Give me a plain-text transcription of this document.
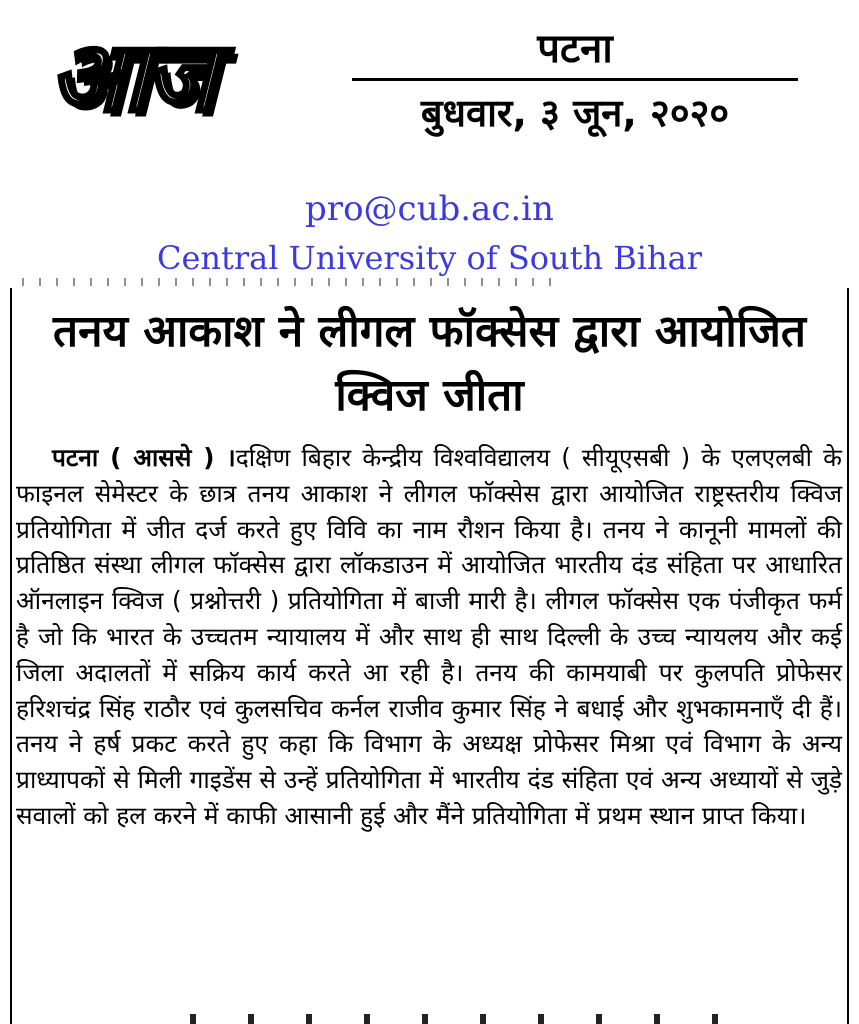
आज	पटना
बुधवार, ३ जून, २०२०
pro@cub.ac.in
Central University of South Bihar
तनय आकाश ने लीगल फॉक्सेस द्वारा आयोजित क्विज जीता
पटना ( आससे ) ।दक्षिण बिहार केन्द्रीय विश्वविद्यालय ( सीयूएसबी ) के एलएलबी के फाइनल सेमेस्टर के छात्र तनय आकाश ने लीगल फॉक्सेस द्वारा आयोजित राष्ट्रस्तरीय क्विज प्रतियोगिता में जीत दर्ज करते हुए विवि का नाम रौशन किया है। तनय ने कानूनी मामलों की प्रतिष्ठित संस्था लीगल फॉक्सेस द्वारा लॉकडाउन में आयोजित भारतीय दंड संहिता पर आधारित ऑनलाइन क्विज ( प्रश्नोत्तरी ) प्रतियोगिता में बाजी मारी है। लीगल फॉक्सेस एक पंजीकृत फर्म है जो कि भारत के उच्चतम न्यायालय में और साथ ही साथ दिल्ली के उच्च न्यायलय और कई जिला अदालतों में सक्रिय कार्य करते आ रही है। तनय की कामयाबी पर कुलपति प्रोफेसर हरिशचंद्र सिंह राठौर एवं कुलसचिव कर्नल राजीव कुमार सिंह ने बधाई और शुभकामनाएँ दी हैं। तनय ने हर्ष प्रकट करते हुए कहा कि विभाग के अध्यक्ष प्रोफेसर मिश्रा एवं विभाग के अन्य प्राध्यापकों से मिली गाइडेंस से उन्हें प्रतियोगिता में भारतीय दंड संहिता एवं अन्य अध्यायों से जुड़े सवालों को हल करने में काफी आसानी हुई और मैंने प्रतियोगिता में प्रथम स्थान प्राप्त किया।
